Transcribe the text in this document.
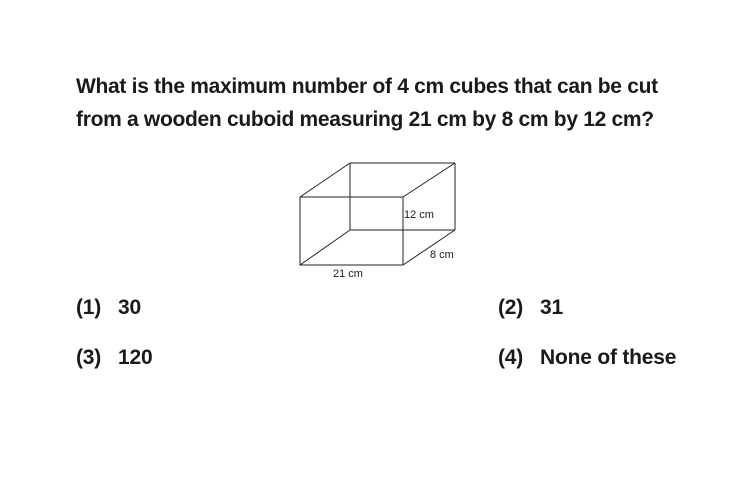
What is the maximum number of 4 cm cubes that can be cut
from a wooden cuboid measuring 21 cm by 8 cm by 12 cm?
12 cm
8 cm
21 cm
(1) 30	(2) 31
(3) 120	(4) None of these
